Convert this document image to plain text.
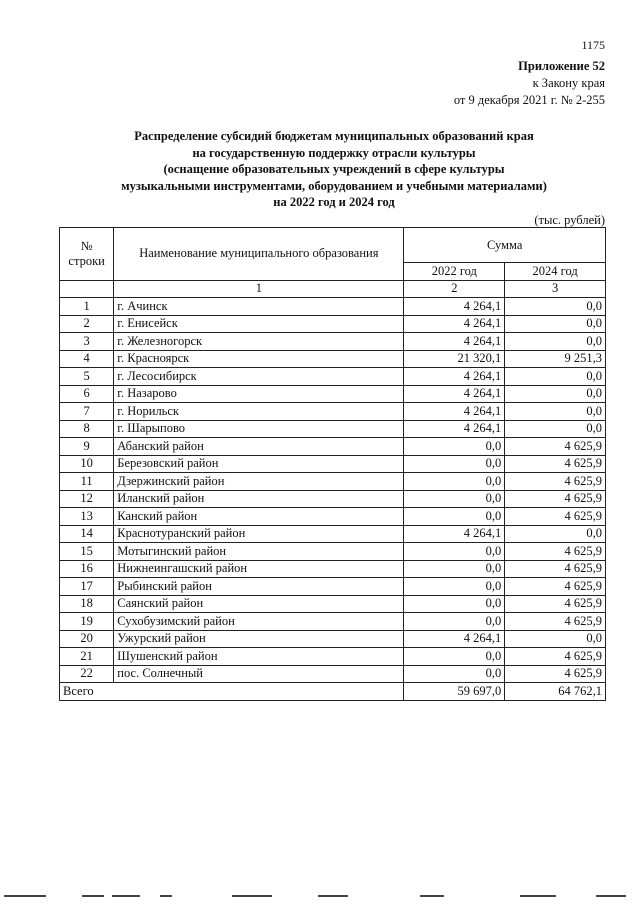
1175
Приложение 52
к Закону края
от 9 декабря 2021 г. № 2-255
Распределение субсидий бюджетам муниципальных образований края
на государственную поддержку отрасли культуры
(оснащение образовательных учреждений в сфере культуры
музыкальными инструментами, оборудованием и учебными материалами)
на 2022 год и 2024 год
(тыс. рублей)
№
строки	Наименование муниципального образования	Сумма	
		2022 год	2024 год
	1	2	3
1	г. Ачинск	4 264,1	0,0
2	г. Енисейск	4 264,1	0,0
3	г. Железногорск	4 264,1	0,0
4	г. Красноярск	21 320,1	9 251,3
5	г. Лесосибирск	4 264,1	0,0
6	г. Назарово	4 264,1	0,0
7	г. Норильск	4 264,1	0,0
8	г. Шарыпово	4 264,1	0,0
9	Абанский район	0,0	4 625,9
10	Березовский район	0,0	4 625,9
11	Дзержинский район	0,0	4 625,9
12	Иланский район	0,0	4 625,9
13	Канский район	0,0	4 625,9
14	Краснотуранский район	4 264,1	0,0
15	Мотыгинский район	0,0	4 625,9
16	Нижнеингашский район	0,0	4 625,9
17	Рыбинский район	0,0	4 625,9
18	Саянский район	0,0	4 625,9
19	Сухобузимский район	0,0	4 625,9
20	Ужурский район	4 264,1	0,0
21	Шушенский район	0,0	4 625,9
22	пос. Солнечный	0,0	4 625,9
Всего		59 697,0	64 762,1
